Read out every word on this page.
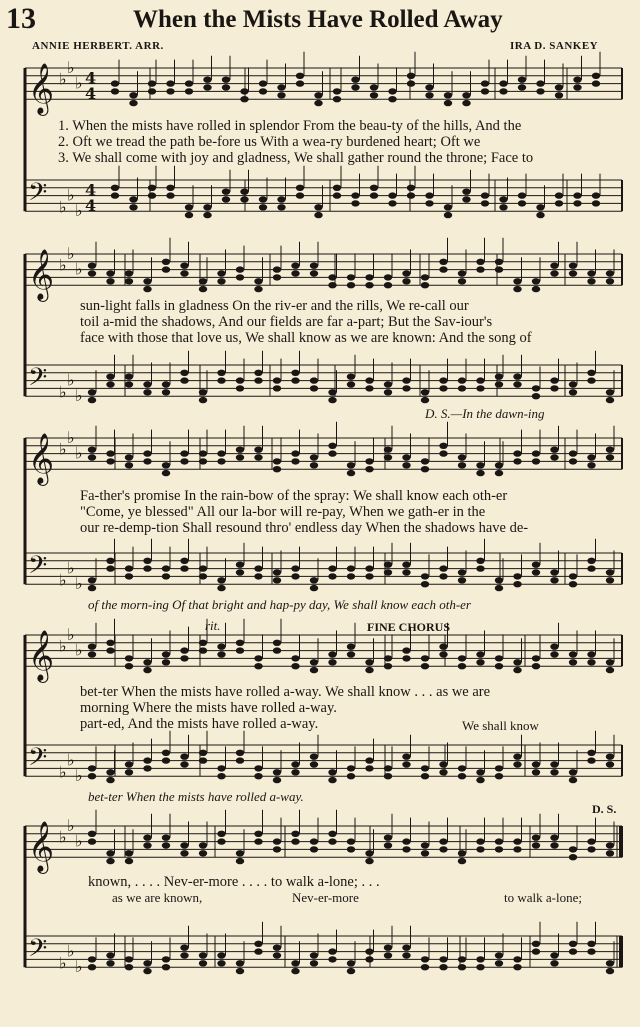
13	When the Mists Have Rolled Away
ANNIE HERBERT. ARR.	IRA D. SANKEY
𝄞 ♭
♭
♭ 4
4
𝄢 ♭
♭
♭
4
4
𝄞 ♭
♭
♭
𝄢 ♭
♭
♭
𝄞 ♭
♭
♭
𝄢 ♭
♭
♭
𝄞 ♭
♭
♭
𝄢 ♭
♭
♭
𝄞 ♭
♭
♭
𝄢 ♭
♭
♭
1. When the mists have rolled in splendor From the beau-ty of the hills, And the
2. Oft we tread the path be-fore us With a wea-ry burdened heart; Oft we
3. We shall come with joy and gladness, We shall gather round the throne; Face to
sun-light falls in gladness On the riv-er and the rills, We re-call our
toil a-mid the shadows, And our fields are far a-part; But the Sav-iour's
face with those that love us, We shall know as we are known: And the song of
D. S.—In the dawn-ing
Fa-ther's promise In the rain-bow of the spray: We shall know each oth-er
"Come, ye blessed" All our la-bor will re-pay, When we gath-er in the
our re-demp-tion Shall resound thro' endless day When the shadows have de-
of the morn-ing Of that bright and hap-py day, We shall know each oth-er
rit.	FINE CHORUS
bet-ter When the mists have rolled a-way. We shall know . . . as we are
morning Where the mists have rolled a-way.
part-ed, And the mists have rolled a-way.	We shall know
bet-ter When the mists have rolled a-way.
D. S.
known, . . . . Nev-er-more . . . . to walk a-lone; . . .
as we are known,	Nev-er-more	to walk a-lone;
